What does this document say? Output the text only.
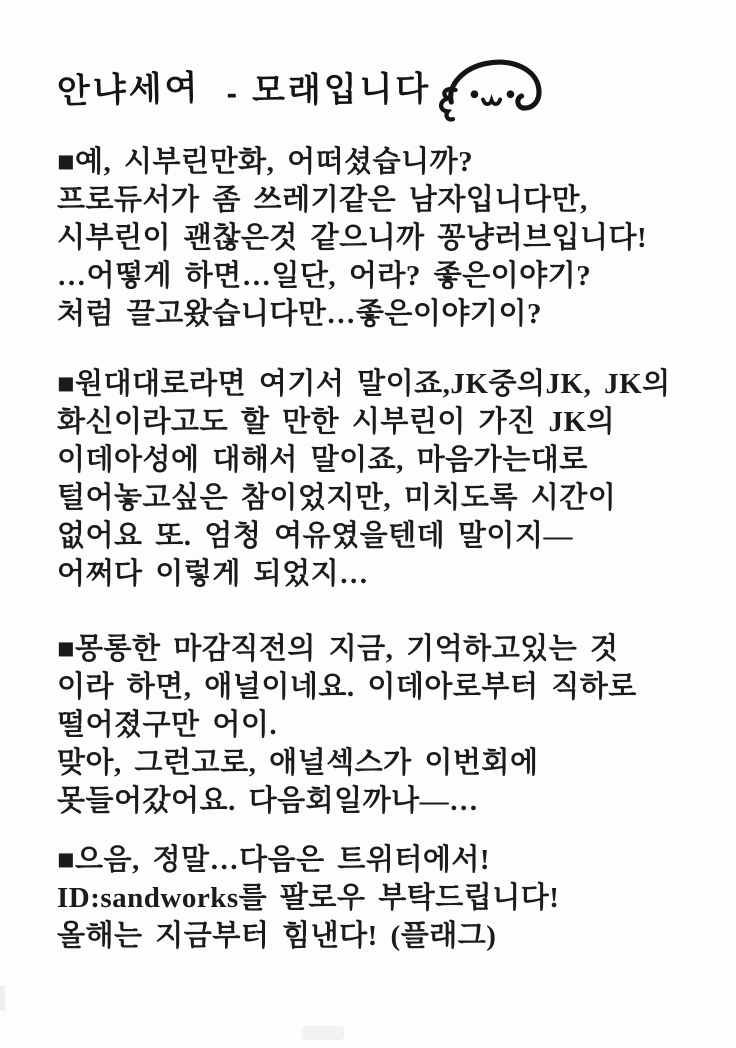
안냐세여 - 모래입니다
■예, 시부린만화, 어떠셨습니까?
프로듀서가 좀 쓰레기같은 남자입니다만,
시부린이 괜찮은것 같으니까 꽁냥러브입니다!
…어떻게 하면…일단, 어라? 좋은이야기?
처럼 끌고왔습니다만…좋은이야기이?
■원대대로라면 여기서 말이죠,JK중의JK, JK의
화신이라고도 할 만한 시부린이 가진 JK의
이데아성에 대해서 말이죠, 마음가는대로
털어놓고싶은 참이었지만, 미치도록 시간이
없어요 또. 엄청 여유였을텐데 말이지—
어쩌다 이렇게 되었지…
■몽롱한 마감직전의 지금, 기억하고있는 것
이라 하면, 애널이네요. 이데아로부터 직하로
떨어졌구만 어이.
맞아, 그런고로, 애널섹스가 이번회에
못들어갔어요. 다음회일까나—…
■으음, 정말…다음은 트위터에서!
ID:sandworks를 팔로우 부탁드립니다!
올해는 지금부터 힘낸다! (플래그)
